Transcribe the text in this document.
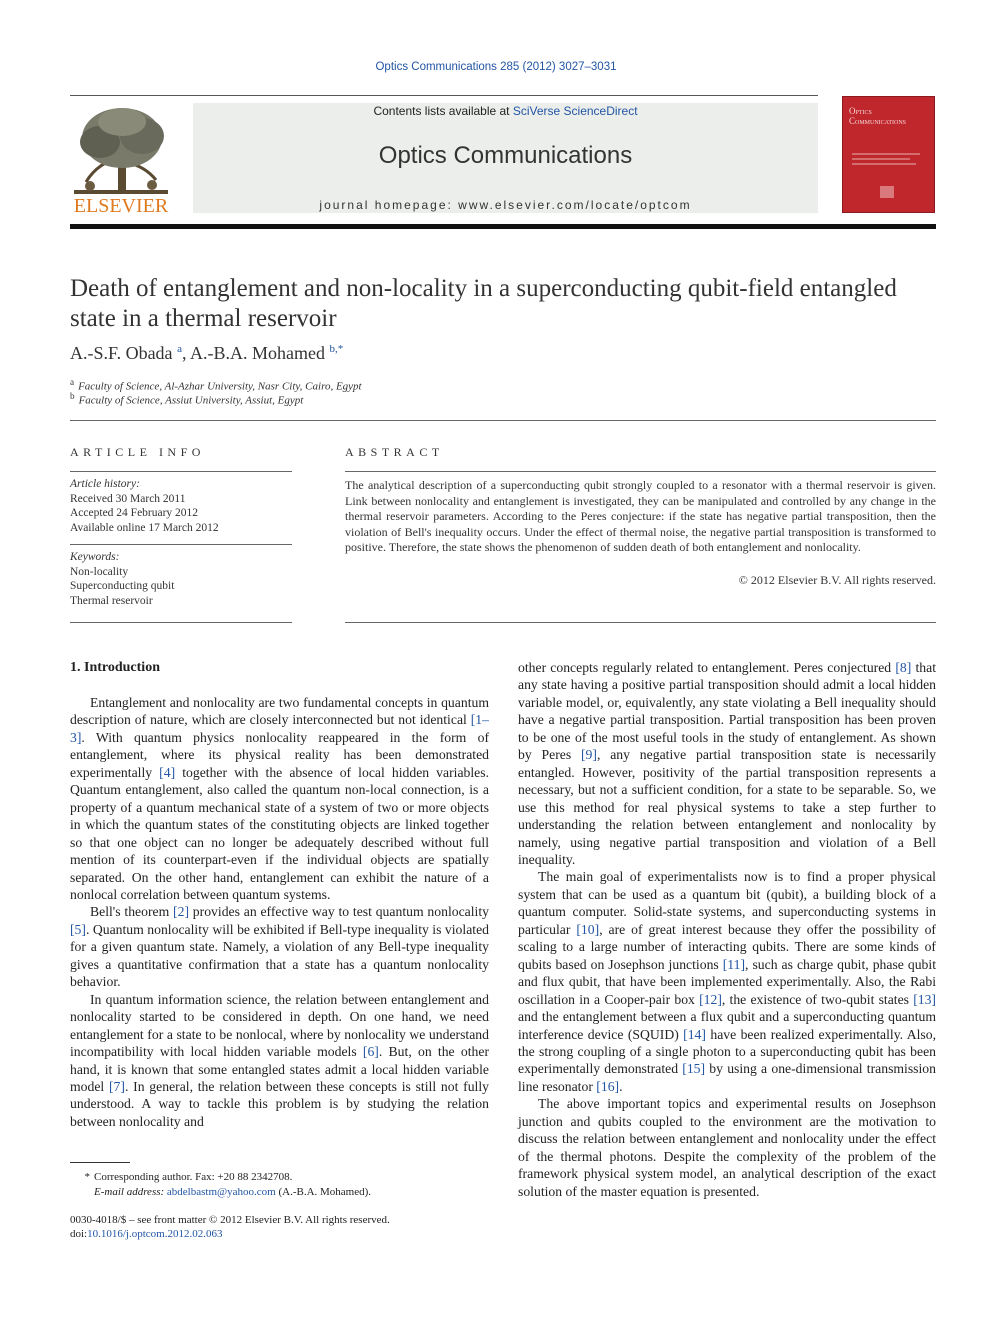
Optics Communications 285 (2012) 3027–3031
ELSEVIER
Contents lists available at SciVerse ScienceDirect
Optics Communications
journal homepage: www.elsevier.com/locate/optcom
Optics Communications
Death of entanglement and non-locality in a superconducting qubit-field entangled state in a thermal reservoir
A.-S.F. Obada $^a$, A.-B.A. Mohamed $^{b,*}$
$^a$ Faculty of Science, Al-Azhar University, Nasr City, Cairo, Egypt
$^b$ Faculty of Science, Assiut University, Assiut, Egypt
ARTICLE INFO
Article history:
Received 30 March 2011
Accepted 24 February 2012
Available online 17 March 2012
Keywords:
Non-locality
Superconducting qubit
Thermal reservoir
ABSTRACT
The analytical description of a superconducting qubit strongly coupled to a resonator with a thermal reservoir is given. Link between nonlocality and entanglement is investigated, they can be manipulated and controlled by any change in the thermal reservoir parameters. According to the Peres conjecture: if the state has negative partial transposition, then the violation of Bell's inequality occurs. Under the effect of thermal noise, the negative partial transposition is transformed to positive. Therefore, the state shows the phenomenon of sudden death of both entanglement and nonlocality.
© 2012 Elsevier B.V. All rights reserved.
1. Introduction

Entanglement and nonlocality are two fundamental concepts in quantum description of nature, which are closely interconnected but not identical [1–3]. With quantum physics nonlocality reappeared in the form of entanglement, where its physical reality has been demonstrated experimentally [4] together with the absence of local hidden variables. Quantum entanglement, also called the quantum non-local connection, is a property of a quantum mechanical state of a system of two or more objects in which the quantum states of the constituting objects are linked together so that one object can no longer be adequately described without full mention of its counterpart-even if the individual objects are spatially separated. On the other hand, entanglement can exhibit the nature of a nonlocal correlation between quantum systems.

Bell's theorem [2] provides an effective way to test quantum nonlocality [5]. Quantum nonlocality will be exhibited if Bell-type inequality is violated for a given quantum state. Namely, a violation of any Bell-type inequality gives a quantitative confirmation that a state has a quantum nonlocality behavior.

In quantum information science, the relation between entanglement and nonlocality started to be considered in depth. On one hand, we need entanglement for a state to be nonlocal, where by nonlocality we understand incompatibility with local hidden variable models [6]. But, on the other hand, it is known that some entangled states admit a local hidden variable model [7]. In general, the relation between these concepts is still not fully understood. A way to tackle this problem is by studying the relation between nonlocality and

other concepts regularly related to entanglement. Peres conjectured [8] that any state having a positive partial transposition should admit a local hidden variable model, or, equivalently, any state violating a Bell inequality should have a negative partial transposition. Partial transposition has been proven to be one of the most useful tools in the study of entanglement. As shown by Peres [9], any negative partial transposition state is necessarily entangled. However, positivity of the partial transposition represents a necessary, but not a sufficient condition, for a state to be separable. So, we use this method for real physical systems to take a step further to understanding the relation between entanglement and nonlocality by namely, using negative partial transposition and violation of a Bell inequality.

The main goal of experimentalists now is to find a proper physical system that can be used as a quantum bit (qubit), a building block of a quantum computer. Solid-state systems, and superconducting systems in particular [10], are of great interest because they offer the possibility of scaling to a large number of interacting qubits. There are some kinds of qubits based on Josephson junctions [11], such as charge qubit, phase qubit and flux qubit, that have been implemented experimentally. Also, the Rabi oscillation in a Cooper-pair box [12], the existence of two-qubit states [13] and the entanglement between a flux qubit and a superconducting quantum interference device (SQUID) [14] have been realized experimentally. Also, the strong coupling of a single photon to a superconducting qubit has been experimentally demonstrated [15] by using a one-dimensional transmission line resonator [16].

The above important topics and experimental results on Josephson junction and qubits coupled to the environment are the motivation to discuss the relation between entanglement and nonlocality under the effect of the thermal photons. Despite the complexity of the problem of the framework physical system model, an analytical description of the exact solution of the master equation is presented.

* Corresponding author. Fax: +20 88 2342708.
E-mail address: abdelbastm@yahoo.com (A.-B.A. Mohamed).
0030-4018/$ – see front matter © 2012 Elsevier B.V. All rights reserved.
doi:10.1016/j.optcom.2012.02.063
